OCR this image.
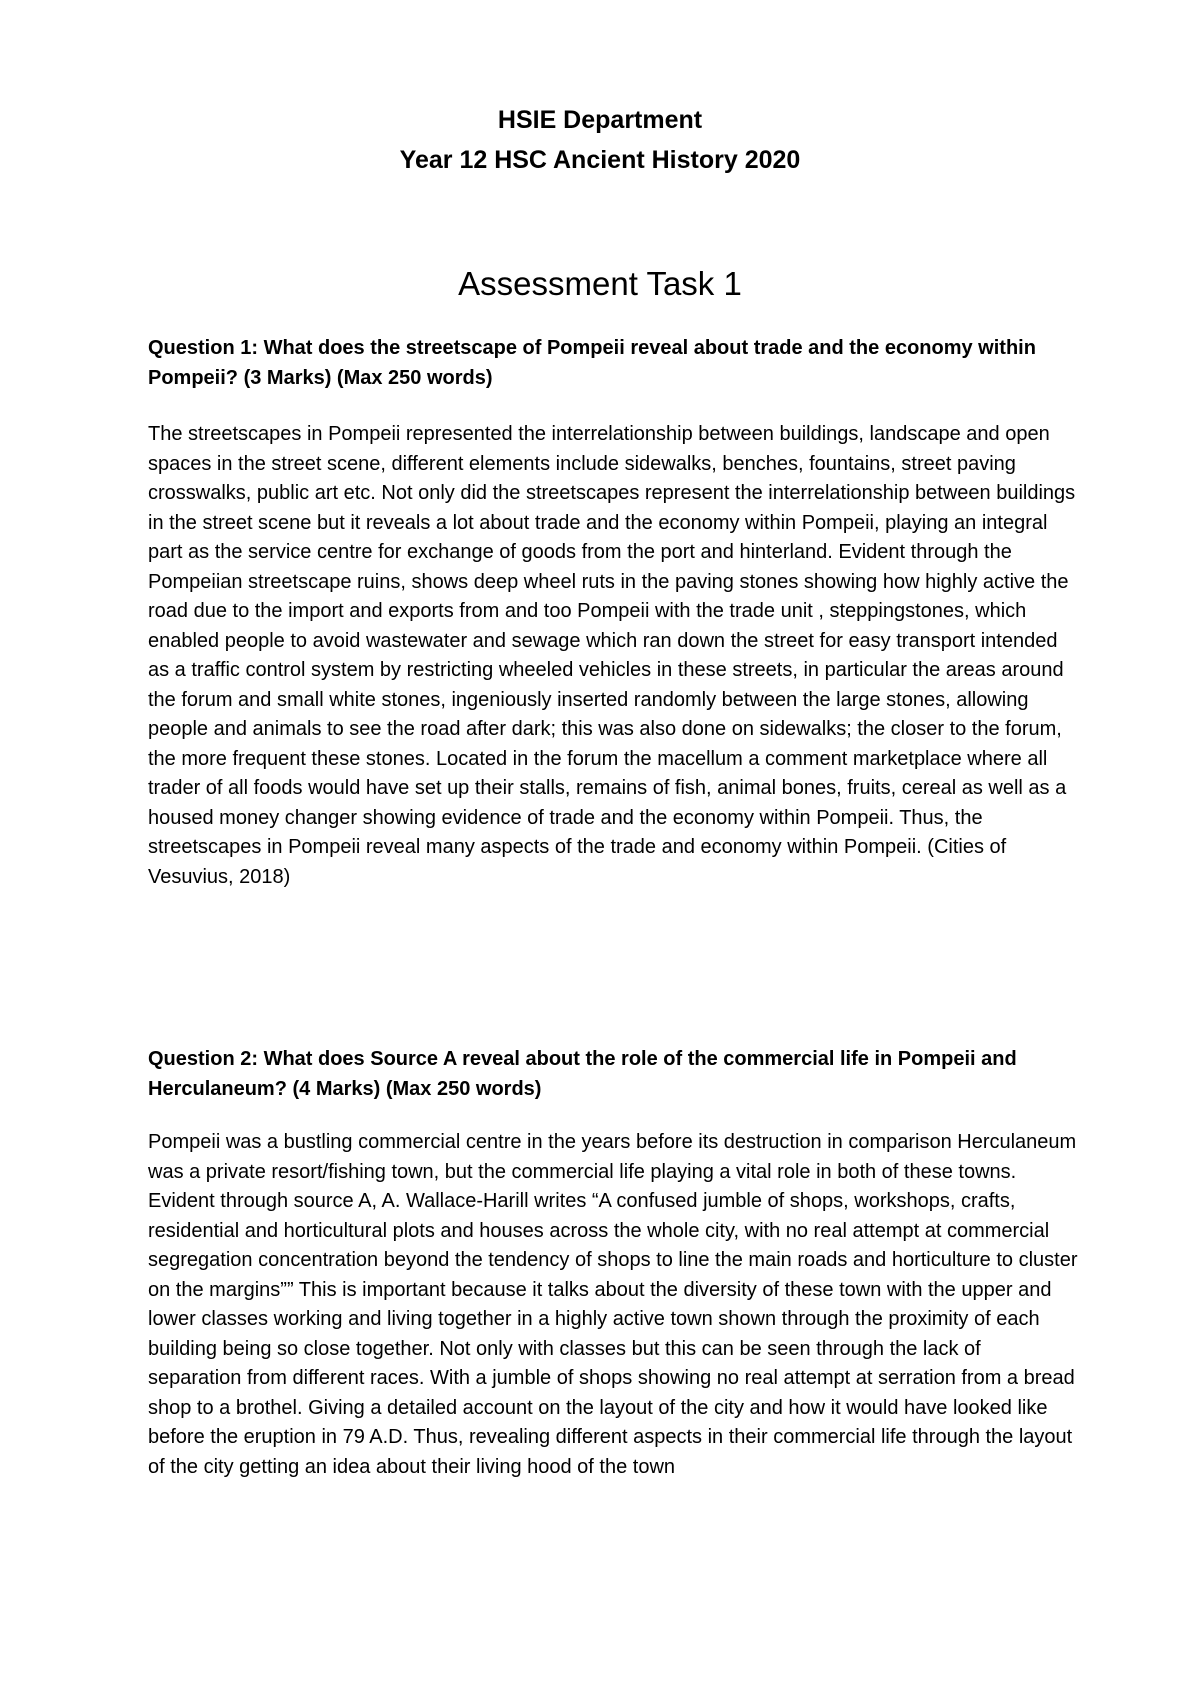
HSIE Department
Year 12 HSC Ancient History 2020
Assessment Task 1
Question 1: What does the streetscape of Pompeii reveal about trade and the economy within Pompeii? (3 Marks) (Max 250 words)
The streetscapes in Pompeii represented the interrelationship between buildings, landscape and open spaces in the street scene, different elements include sidewalks, benches, fountains, street paving crosswalks, public art etc. Not only did the streetscapes represent the interrelationship between buildings in the street scene but it reveals a lot about trade and the economy within Pompeii, playing an integral part as the service centre for exchange of goods from the port and hinterland. Evident through the Pompeiian streetscape ruins, shows deep wheel ruts in the paving stones showing how highly active the road due to the import and exports from and too Pompeii with the trade unit , steppingstones, which enabled people to avoid wastewater and sewage which ran down the street for easy transport intended as a traffic control system by restricting wheeled vehicles in these streets, in particular the areas around the forum and small white stones, ingeniously inserted randomly between the large stones, allowing people and animals to see the road after dark; this was also done on sidewalks; the closer to the forum, the more frequent these stones. Located in the forum the macellum a comment marketplace where all trader of all foods would have set up their stalls, remains of fish, animal bones, fruits, cereal as well as a housed money changer showing evidence of trade and the economy within Pompeii. Thus, the streetscapes in Pompeii reveal many aspects of the trade and economy within Pompeii. (Cities of Vesuvius, 2018)
Question 2: What does Source A reveal about the role of the commercial life in Pompeii and Herculaneum? (4 Marks) (Max 250 words)
Pompeii was a bustling commercial centre in the years before its destruction in comparison Herculaneum was a private resort/fishing town, but the commercial life playing a vital role in both of these towns. Evident through source A, A. Wallace-Harill writes “A confused jumble of shops, workshops, crafts, residential and horticultural plots and houses across the whole city, with no real attempt at commercial segregation concentration beyond the tendency of shops to line the main roads and horticulture to cluster on the margins”” This is important because it talks about the diversity of these town with the upper and lower classes working and living together in a highly active town shown through the proximity of each building being so close together. Not only with classes but this can be seen through the lack of separation from different races. With a jumble of shops showing no real attempt at serration from a bread shop to a brothel. Giving a detailed account on the layout of the city and how it would have looked like before the eruption in 79 A.D. Thus, revealing different aspects in their commercial life through the layout of the city getting an idea about their living hood of the town
